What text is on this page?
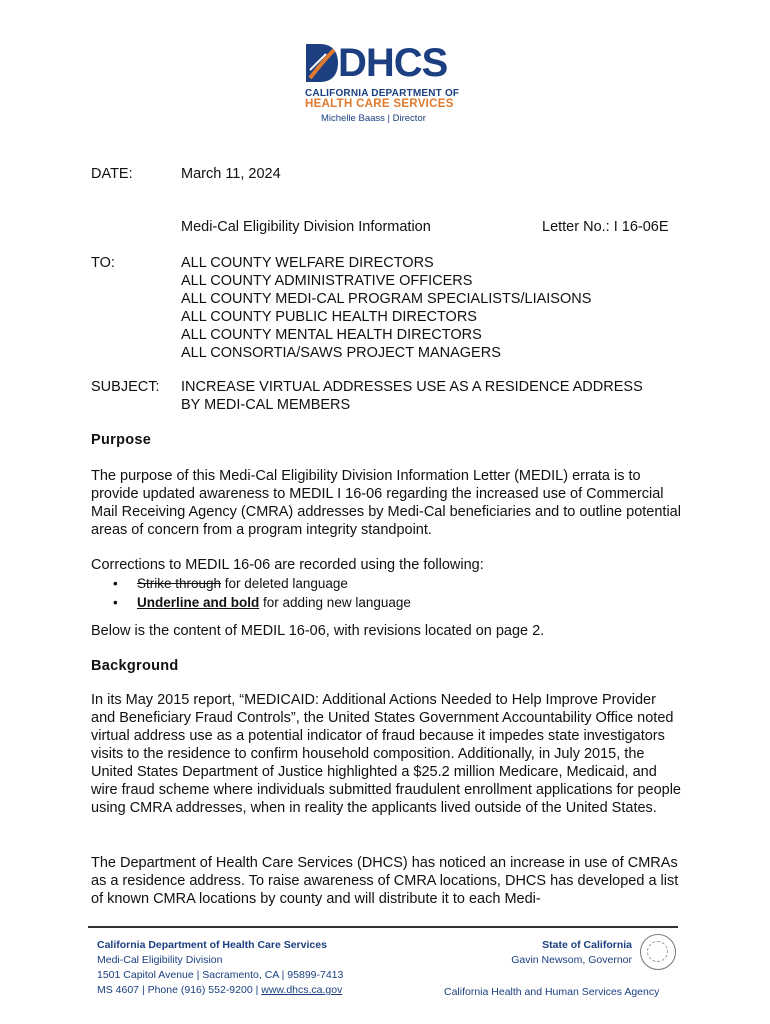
DHCS
CALIFORNIA DEPARTMENT OF
HEALTH CARE SERVICES
Michelle Baass | Director
DATE:	March 11, 2024
Medi-Cal Eligibility Division Information	Letter No.: I 16-06E
TO:	ALL COUNTY WELFARE DIRECTORS
ALL COUNTY ADMINISTRATIVE OFFICERS
ALL COUNTY MEDI-CAL PROGRAM SPECIALISTS/LIAISONS
ALL COUNTY PUBLIC HEALTH DIRECTORS
ALL COUNTY MENTAL HEALTH DIRECTORS
ALL CONSORTIA/SAWS PROJECT MANAGERS
SUBJECT: INCREASE VIRTUAL ADDRESSES USE AS A RESIDENCE ADDRESS
BY MEDI-CAL MEMBERS
Purpose
The purpose of this Medi-Cal Eligibility Division Information Letter (MEDIL) errata is to provide updated awareness to MEDIL I 16-06 regarding the increased use of Commercial Mail Receiving Agency (CMRA) addresses by Medi-Cal beneficiaries and to outline potential areas of concern from a program integrity standpoint.
Corrections to MEDIL 16-06 are recorded using the following:
• Strike through for deleted language
• Underline and bold for adding new language
Below is the content of MEDIL 16-06, with revisions located on page 2.
Background
In its May 2015 report, “MEDICAID: Additional Actions Needed to Help Improve Provider and Beneficiary Fraud Controls”, the United States Government Accountability Office noted virtual address use as a potential indicator of fraud because it impedes state investigators visits to the residence to confirm household composition. Additionally, in July 2015, the United States Department of Justice highlighted a $25.2 million Medicare, Medicaid, and wire fraud scheme where individuals submitted fraudulent enrollment applications for people using CMRA addresses, when in reality the applicants lived outside of the United States.
The Department of Health Care Services (DHCS) has noticed an increase in use of CMRAs as a residence address. To raise awareness of CMRA locations, DHCS has developed a list of known CMRA locations by county and will distribute it to each Medi-
California Department of Health Care Services
Medi-Cal Eligibility Division
1501 Capitol Avenue | Sacramento, CA | 95899-7413
MS 4607 | Phone (916) 552-9200 | www.dhcs.ca.gov
State of California
Gavin Newsom, Governor
California Health and Human Services Agency
